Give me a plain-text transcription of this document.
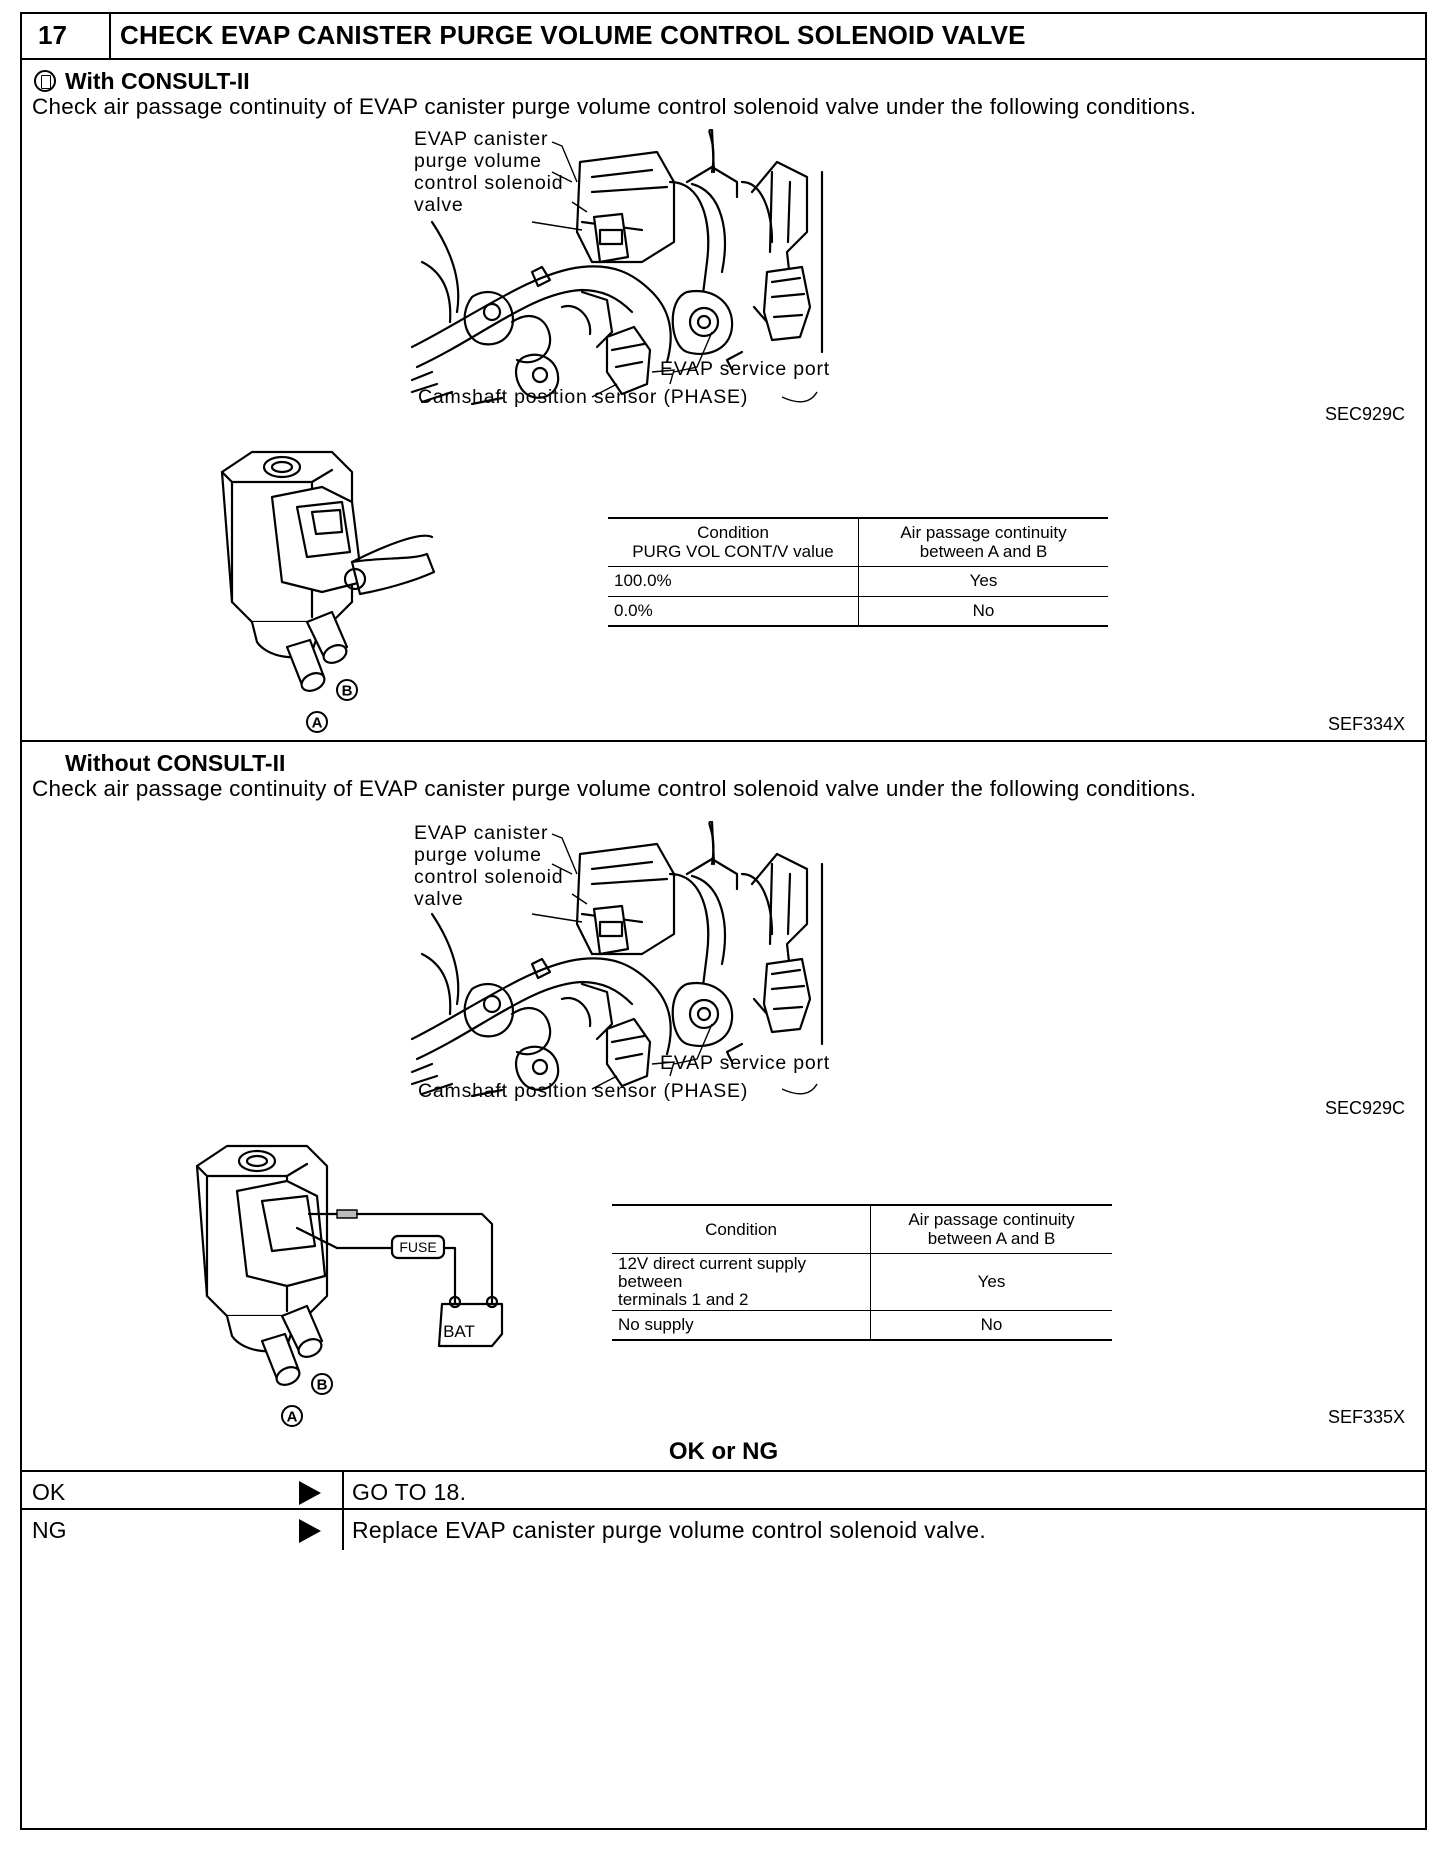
17 CHECK EVAP CANISTER PURGE VOLUME CONTROL SOLENOID VALVE
With CONSULT-II
Check air passage continuity of EVAP canister purge volume control solenoid valve under the following conditions.
EVAP canister
purge volume
control solenoid
valve
EVAP service port
Camshaft position sensor (PHASE)
SEC929C
B
A
Condition
PURG VOL CONT/V value	Air passage continuity
between A and B
100.0%	Yes
0.0%	No
SEF334X
Without CONSULT-II
Check air passage continuity of EVAP canister purge volume control solenoid valve under the following conditions.
EVAP canister
purge volume
control solenoid
valve
EVAP service port
Camshaft position sensor (PHASE)
SEC929C
FUSE
BAT
B
A
Condition	Air passage continuity
between A and B
12V direct current supply between
terminals 1 and 2	Yes
No supply	No
SEF335X
OK or NG
OK	GO TO 18.
NG	Replace EVAP canister purge volume control solenoid valve.
